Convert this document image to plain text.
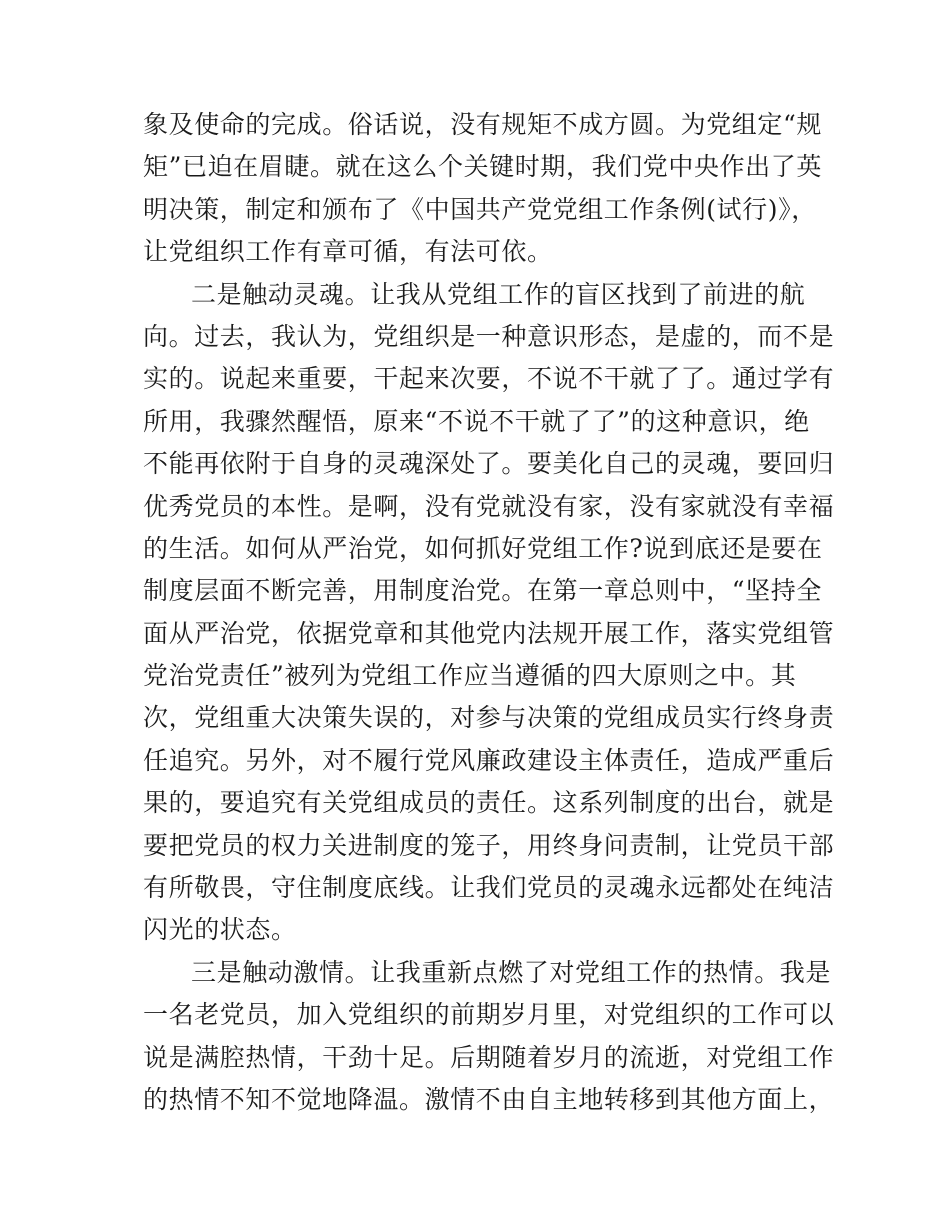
象及使命的完成。俗话说，没有规矩不成方圆。为党组定“规
矩”已迫在眉睫。就在这么个关键时期，我们党中央作出了英
明决策，制定和颁布了《中国共产党党组工作条例(试行)》，
让党组织工作有章可循，有法可依。
二是触动灵魂。让我从党组工作的盲区找到了前进的航
向。过去，我认为，党组织是一种意识形态，是虚的，而不是
实的。说起来重要，干起来次要，不说不干就了了。通过学有
所用，我骤然醒悟，原来“不说不干就了了”的这种意识，绝
不能再依附于自身的灵魂深处了。要美化自己的灵魂，要回归
优秀党员的本性。是啊，没有党就没有家，没有家就没有幸福
的生活。如何从严治党，如何抓好党组工作?说到底还是要在
制度层面不断完善，用制度治党。在第一章总则中，“坚持全
面从严治党，依据党章和其他党内法规开展工作，落实党组管
党治党责任”被列为党组工作应当遵循的四大原则之中。其
次，党组重大决策失误的，对参与决策的党组成员实行终身责
任追究。另外，对不履行党风廉政建设主体责任，造成严重后
果的，要追究有关党组成员的责任。这系列制度的出台，就是
要把党员的权力关进制度的笼子，用终身问责制，让党员干部
有所敬畏，守住制度底线。让我们党员的灵魂永远都处在纯洁
闪光的状态。
三是触动激情。让我重新点燃了对党组工作的热情。我是
一名老党员，加入党组织的前期岁月里，对党组织的工作可以
说是满腔热情，干劲十足。后期随着岁月的流逝，对党组工作
的热情不知不觉地降温。激情不由自主地转移到其他方面上，
